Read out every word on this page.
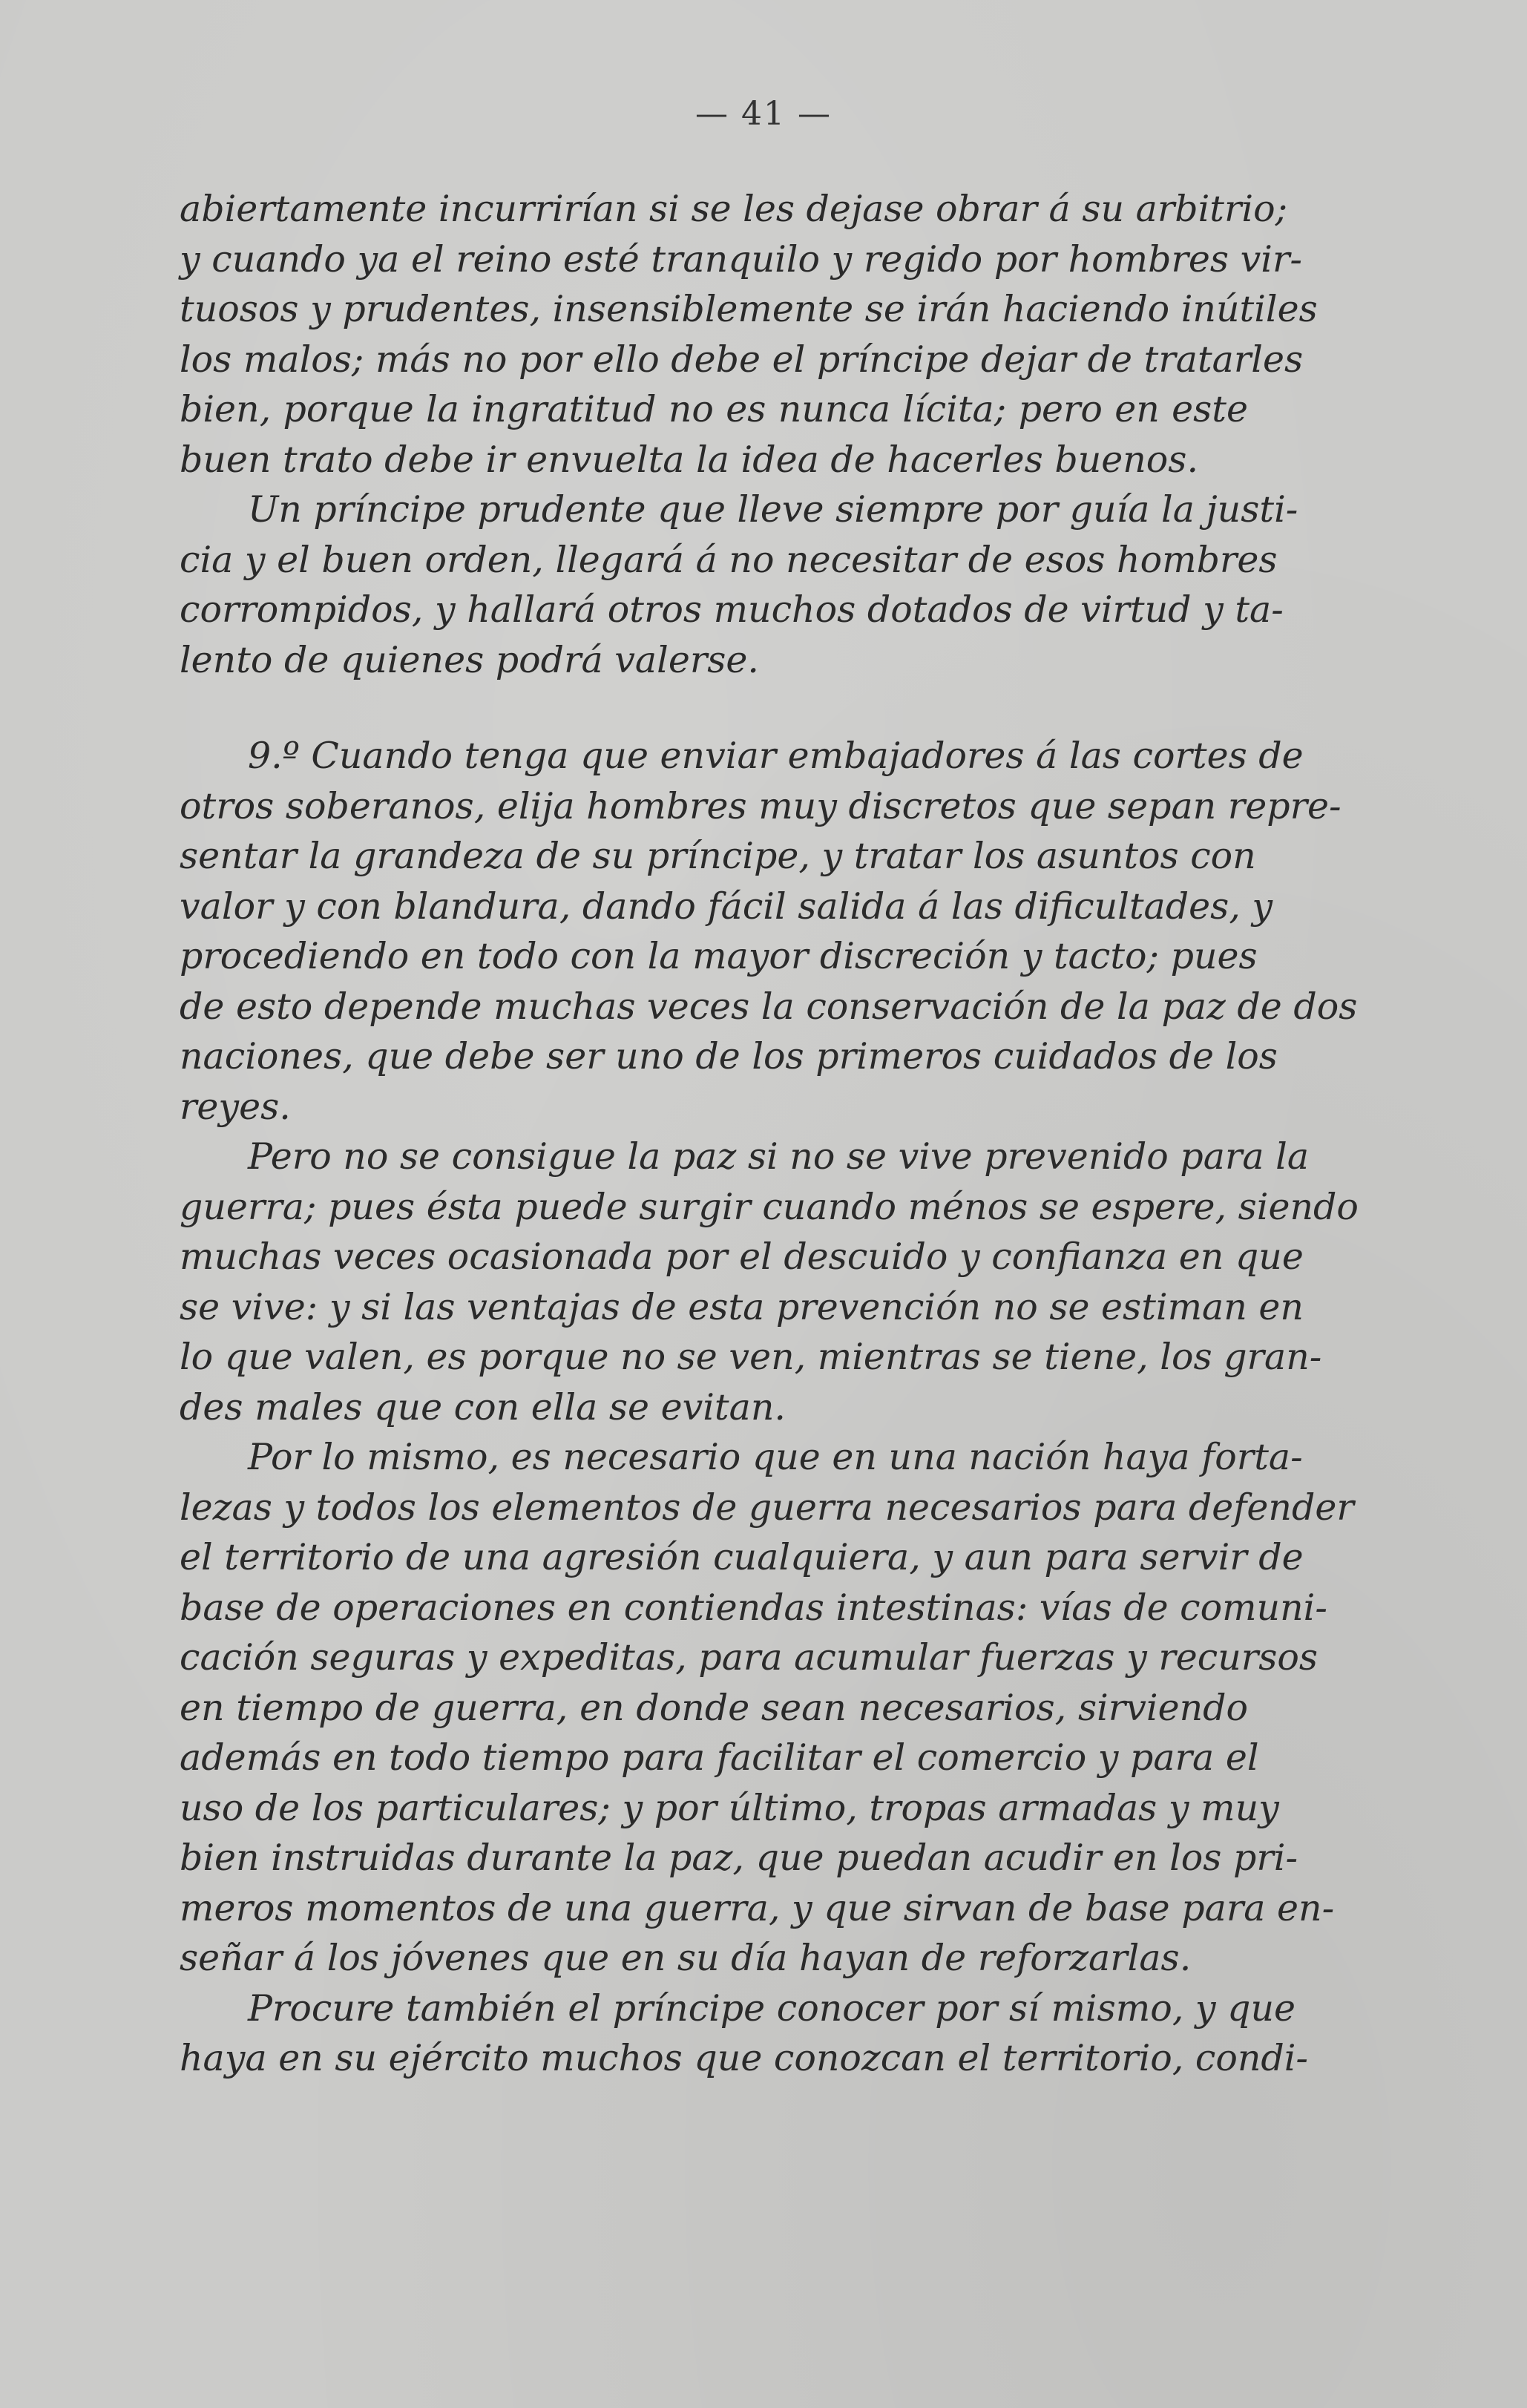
— 41 —
abiertamente incurrirían si se les dejase obrar á su arbitrio;
y cuando ya el reino esté tranquilo y regido por hombres vir-
tuosos y prudentes, insensiblemente se irán haciendo inútiles
los malos; más no por ello debe el príncipe dejar de tratarles
bien, porque la ingratitud no es nunca lícita; pero en este
buen trato debe ir envuelta la idea de hacerles buenos.
Un príncipe prudente que lleve siempre por guía la justi-
cia y el buen orden, llegará á no necesitar de esos hombres
corrompidos, y hallará otros muchos dotados de virtud y ta-
lento de quienes podrá valerse.
9.º Cuando tenga que enviar embajadores á las cortes de
otros soberanos, elija hombres muy discretos que sepan repre-
sentar la grandeza de su príncipe, y tratar los asuntos con
valor y con blandura, dando fácil salida á las dificultades, y
procediendo en todo con la mayor discreción y tacto; pues
de esto depende muchas veces la conservación de la paz de dos
naciones, que debe ser uno de los primeros cuidados de los
reyes.
Pero no se consigue la paz si no se vive prevenido para la
guerra; pues ésta puede surgir cuando ménos se espere, siendo
muchas veces ocasionada por el descuido y confianza en que
se vive: y si las ventajas de esta prevención no se estiman en
lo que valen, es porque no se ven, mientras se tiene, los gran-
des males que con ella se evitan.
Por lo mismo, es necesario que en una nación haya forta-
lezas y todos los elementos de guerra necesarios para defender
el territorio de una agresión cualquiera, y aun para servir de
base de operaciones en contiendas intestinas: vías de comuni-
cación seguras y expeditas, para acumular fuerzas y recursos
en tiempo de guerra, en donde sean necesarios, sirviendo
además en todo tiempo para facilitar el comercio y para el
uso de los particulares; y por último, tropas armadas y muy
bien instruidas durante la paz, que puedan acudir en los pri-
meros momentos de una guerra, y que sirvan de base para en-
señar á los jóvenes que en su día hayan de reforzarlas.
Procure también el príncipe conocer por sí mismo, y que
haya en su ejército muchos que conozcan el territorio, condi-
